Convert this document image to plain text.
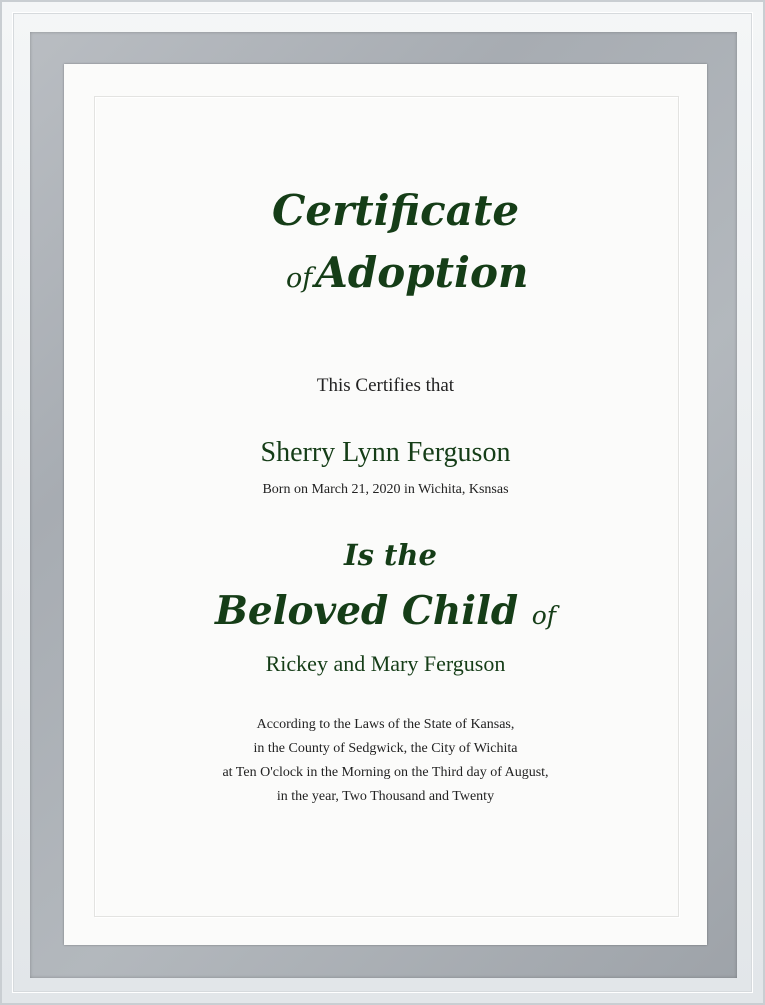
Certificate
ofAdoption
This Certifies that
Sherry Lynn Ferguson
Born on March 21, 2020 in Wichita, Ksnsas
Is the
Beloved Child of
Rickey and Mary Ferguson
According to the Laws of the State of Kansas,
in the County of Sedgwick, the City of Wichita
at Ten O'clock in the Morning on the Third day of August,
in the year, Two Thousand and Twenty
